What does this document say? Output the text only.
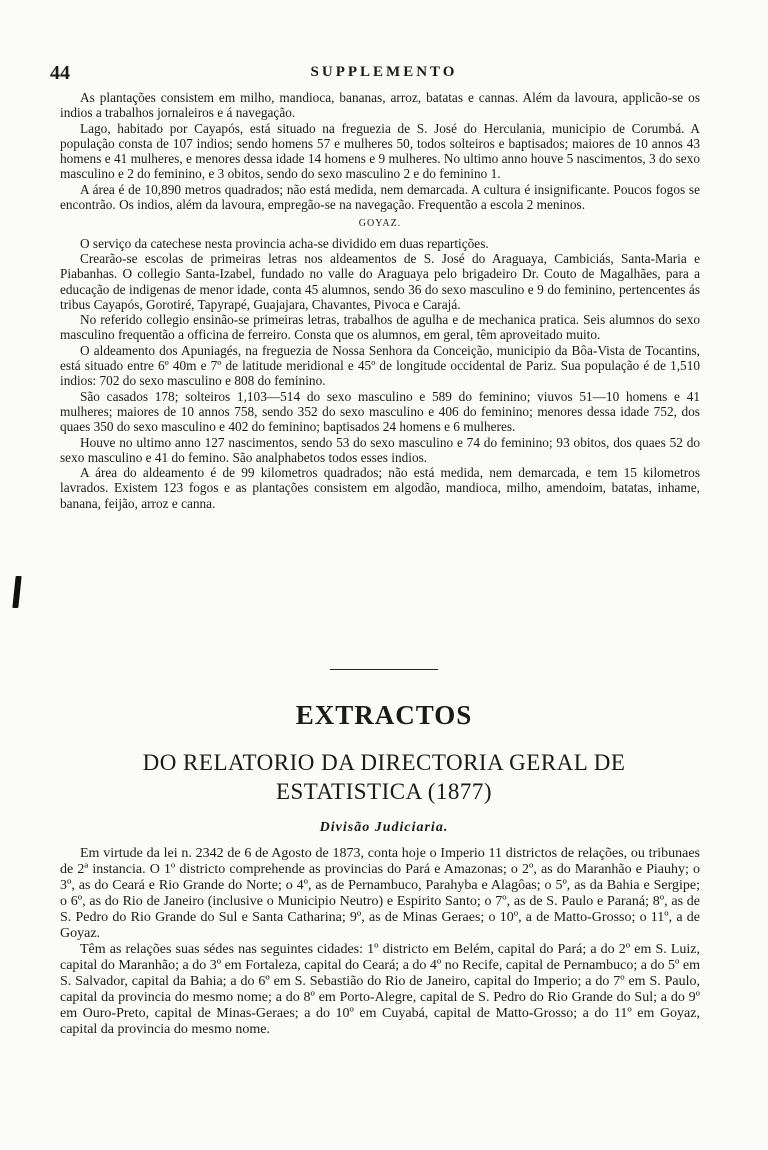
44	SUPPLEMENTO

As plantações consistem em milho, mandioca, bananas, arroz, batatas e cannas. Além da lavoura, applicão-se os indios a trabalhos jornaleiros e á navegação.

Lago, habitado por Cayapós, está situado na freguezia de S. José do Herculania, municipio de Corumbá. A população consta de 107 indios; sendo homens 57 e mulheres 50, todos solteiros e baptisados; maiores de 10 annos 43 homens e 41 mulheres, e menores dessa idade 14 homens e 9 mulheres. No ultimo anno houve 5 nascimentos, 3 do sexo masculino e 2 do feminino, e 3 obitos, sendo do sexo masculino 2 e do feminino 1.

A área é de 10,890 metros quadrados; não está medida, nem demarcada. A cultura é insignificante. Poucos fogos se encontrão. Os indios, além da lavoura, empregão-se na navegação. Frequentão a escola 2 meninos.

GOYAZ.

O serviço da catechese nesta provincia acha-se dividido em duas repartições.

Crearão-se escolas de primeiras letras nos aldeamentos de S. José do Araguaya, Cambiciás, Santa-Maria e Piabanhas. O collegio Santa-Izabel, fundado no valle do Araguaya pelo brigadeiro Dr. Couto de Magalhães, para a educação de indigenas de menor idade, conta 45 alumnos, sendo 36 do sexo masculino e 9 do feminino, pertencentes ás tribus Cayapós, Gorotiré, Tapyrapé, Guajajara, Chavantes, Pivoca e Carajá.

No referido collegio ensinão-se primeiras letras, trabalhos de agulha e de mechanica pratica. Seis alumnos do sexo masculino frequentão a officina de ferreiro. Consta que os alumnos, em geral, têm aproveitado muito.

O aldeamento dos Apuniagés, na freguezia de Nossa Senhora da Conceição, municipio da Bôa-Vista de Tocantins, está situado entre 6º 40m e 7º de latitude meridional e 45º de longitude occidental de Pariz. Sua população é de 1,510 indios: 702 do sexo masculino e 808 do feminino.

São casados 178; solteiros 1,103—514 do sexo masculino e 589 do feminino; viuvos 51—10 homens e 41 mulheres; maiores de 10 annos 758, sendo 352 do sexo masculino e 406 do feminino; menores dessa idade 752, dos quaes 350 do sexo masculino e 402 do feminino; baptisados 24 homens e 6 mulheres.

Houve no ultimo anno 127 nascimentos, sendo 53 do sexo masculino e 74 do feminino; 93 obitos, dos quaes 52 do sexo masculino e 41 do femino. São analphabetos todos esses indios.

A área do aldeamento é de 99 kilometros quadrados; não está medida, nem demarcada, e tem 15 kilometros lavrados. Existem 123 fogos e as plantações consistem em algodão, mandioca, milho, amendoim, batatas, inhame, banana, feijão, arroz e canna.

EXTRACTOS
DO RELATORIO DA DIRECTORIA GERAL DE ESTATISTICA (1877)
Divisão Judiciaria.

Em virtude da lei n. 2342 de 6 de Agosto de 1873, conta hoje o Imperio 11 districtos de relações, ou tribunaes de 2ª instancia. O 1º districto comprehende as provincias do Pará e Amazonas; o 2º, as do Maranhão e Piauhy; o 3º, as do Ceará e Rio Grande do Norte; o 4º, as de Pernambuco, Parahyba e Alagôas; o 5º, as da Bahia e Sergipe; o 6º, as do Rio de Janeiro (inclusive o Municipio Neutro) e Espirito Santo; o 7º, as de S. Paulo e Paraná; 8º, as de S. Pedro do Rio Grande do Sul e Santa Catharina; 9º, as de Minas Geraes; o 10º, a de Matto-Grosso; o 11º, a de Goyaz.

Têm as relações suas sédes nas seguintes cidades: 1º districto em Belém, capital do Pará; a do 2º em S. Luiz, capital do Maranhão; a do 3º em Fortaleza, capital do Ceará; a do 4º no Recife, capital de Pernambuco; a do 5º em S. Salvador, capital da Bahia; a do 6º em S. Sebastião do Rio de Janeiro, capital do Imperio; a do 7º em S. Paulo, capital da provincia do mesmo nome; a do 8º em Porto-Alegre, capital de S. Pedro do Rio Grande do Sul; a do 9º em Ouro-Preto, capital de Minas-Geraes; a do 10º em Cuyabá, capital de Matto-Grosso; a do 11º em Goyaz, capital da provincia do mesmo nome.
